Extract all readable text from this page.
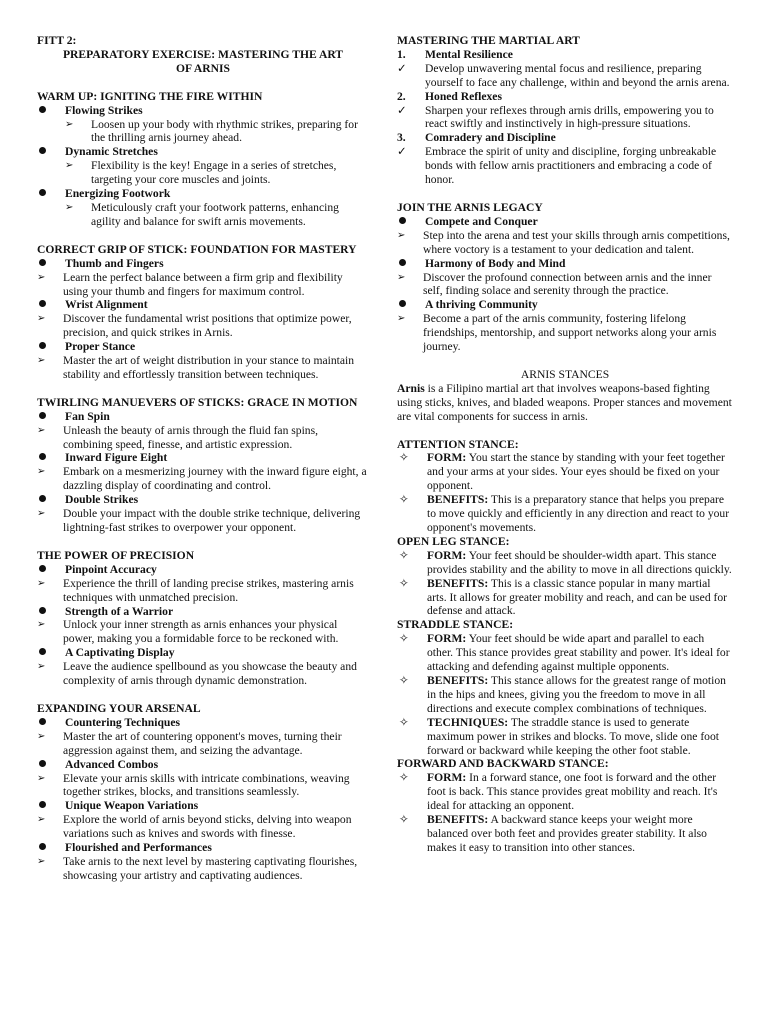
FITT 2:
PREPARATORY EXERCISE: MASTERING THE ART
OF ARNIS
WARM UP: IGNITING THE FIRE WITHIN
Flowing Strikes
➢	Loosen up your body with rhythmic strikes, preparing for the thrilling arnis journey ahead.
Dynamic Stretches
➢	Flexibility is the key! Engage in a series of stretches, targeting your core muscles and joints.
Energizing Footwork
➢	Meticulously craft your footwork patterns, enhancing agility and balance for swift arnis movements.
CORRECT GRIP OF STICK: FOUNDATION FOR MASTERY
Thumb and Fingers
➢	Learn the perfect balance between a firm grip and flexibility using your thumb and fingers for maximum control.
Wrist Alignment
➢	Discover the fundamental wrist positions that optimize power, precision, and quick strikes in Arnis.
Proper Stance
➢	Master the art of weight distribution in your stance to maintain stability and effortlessly transition between techniques.
TWIRLING MANUEVERS OF STICKS: GRACE IN MOTION
Fan Spin
➢	Unleash the beauty of arnis through the fluid fan spins, combining speed, finesse, and artistic expression.
Inward Figure Eight
➢	Embark on a mesmerizing journey with the inward figure eight, a dazzling display of coordinating and control.
Double Strikes
➢	Double your impact with the double strike technique, delivering lightning-fast strikes to overpower your opponent.
THE POWER OF PRECISION
Pinpoint Accuracy
➢	Experience the thrill of landing precise strikes, mastering arnis techniques with unmatched precision.
Strength of a Warrior
➢	Unlock your inner strength as arnis enhances your physical power, making you a formidable force to be reckoned with.
A Captivating Display
➢	Leave the audience spellbound as you showcase the beauty and complexity of arnis through dynamic demonstration.
EXPANDING YOUR ARSENAL
Countering Techniques
➢	Master the art of countering opponent's moves, turning their aggression against them, and seizing the advantage.
Advanced Combos
➢	Elevate your arnis skills with intricate combinations, weaving together strikes, blocks, and transitions seamlessly.
Unique Weapon Variations
➢	Explore the world of arnis beyond sticks, delving into weapon variations such as knives and swords with finesse.
Flourished and Performances
➢	Take arnis to the next level by mastering captivating flourishes, showcasing your artistry and captivating audiences.
MASTERING THE MARTIAL ART
1.	Mental Resilience
✓	Develop unwavering mental focus and resilience, preparing yourself to face any challenge, within and beyond the arnis arena.
2.	Honed Reflexes
✓	Sharpen your reflexes through arnis drills, empowering you to react swiftly and instinctively in high-pressure situations.
3.	Comradery and Discipline
✓	Embrace the spirit of unity and discipline, forging unbreakable bonds with fellow arnis practitioners and embracing a code of honor.
JOIN THE ARNIS LEGACY
Compete and Conquer
➢	Step into the arena and test your skills through arnis competitions, where voctory is a testament to your dedication and talent.
Harmony of Body and Mind
➢	Discover the profound connection between arnis and the inner self, finding solace and serenity through the practice.
A thriving Community
➢	Become a part of the arnis community, fostering lifelong friendships, mentorship, and support networks along your arnis journey.
ARNIS STANCES
Arnis is a Filipino martial art that involves weapons-based fighting using sticks, knives, and bladed weapons. Proper stances and movement are vital components for success in arnis.
ATTENTION STANCE:
✧	FORM: You start the stance by standing with your feet together and your arms at your sides. Your eyes should be fixed on your opponent.
✧	BENEFITS: This is a preparatory stance that helps you prepare to move quickly and efficiently in any direction and react to your opponent's movements.
OPEN LEG STANCE:
✧	FORM: Your feet should be shoulder-width apart. This stance provides stability and the ability to move in all directions quickly.
✧	BENEFITS: This is a classic stance popular in many martial arts. It allows for greater mobility and reach, and can be used for defense and attack.
STRADDLE STANCE:
✧	FORM: Your feet should be wide apart and parallel to each other. This stance provides great stability and power. It's ideal for attacking and defending against multiple opponents.
✧	BENEFITS: This stance allows for the greatest range of motion in the hips and knees, giving you the freedom to move in all directions and execute complex combinations of techniques.
✧	TECHNIQUES: The straddle stance is used to generate maximum power in strikes and blocks. To move, slide one foot forward or backward while keeping the other foot stable.
FORWARD AND BACKWARD STANCE:
✧	FORM: In a forward stance, one foot is forward and the other foot is back. This stance provides great mobility and reach. It's ideal for attacking an opponent.
✧	BENEFITS: A backward stance keeps your weight more balanced over both feet and provides greater stability. It also makes it easy to transition into other stances.
